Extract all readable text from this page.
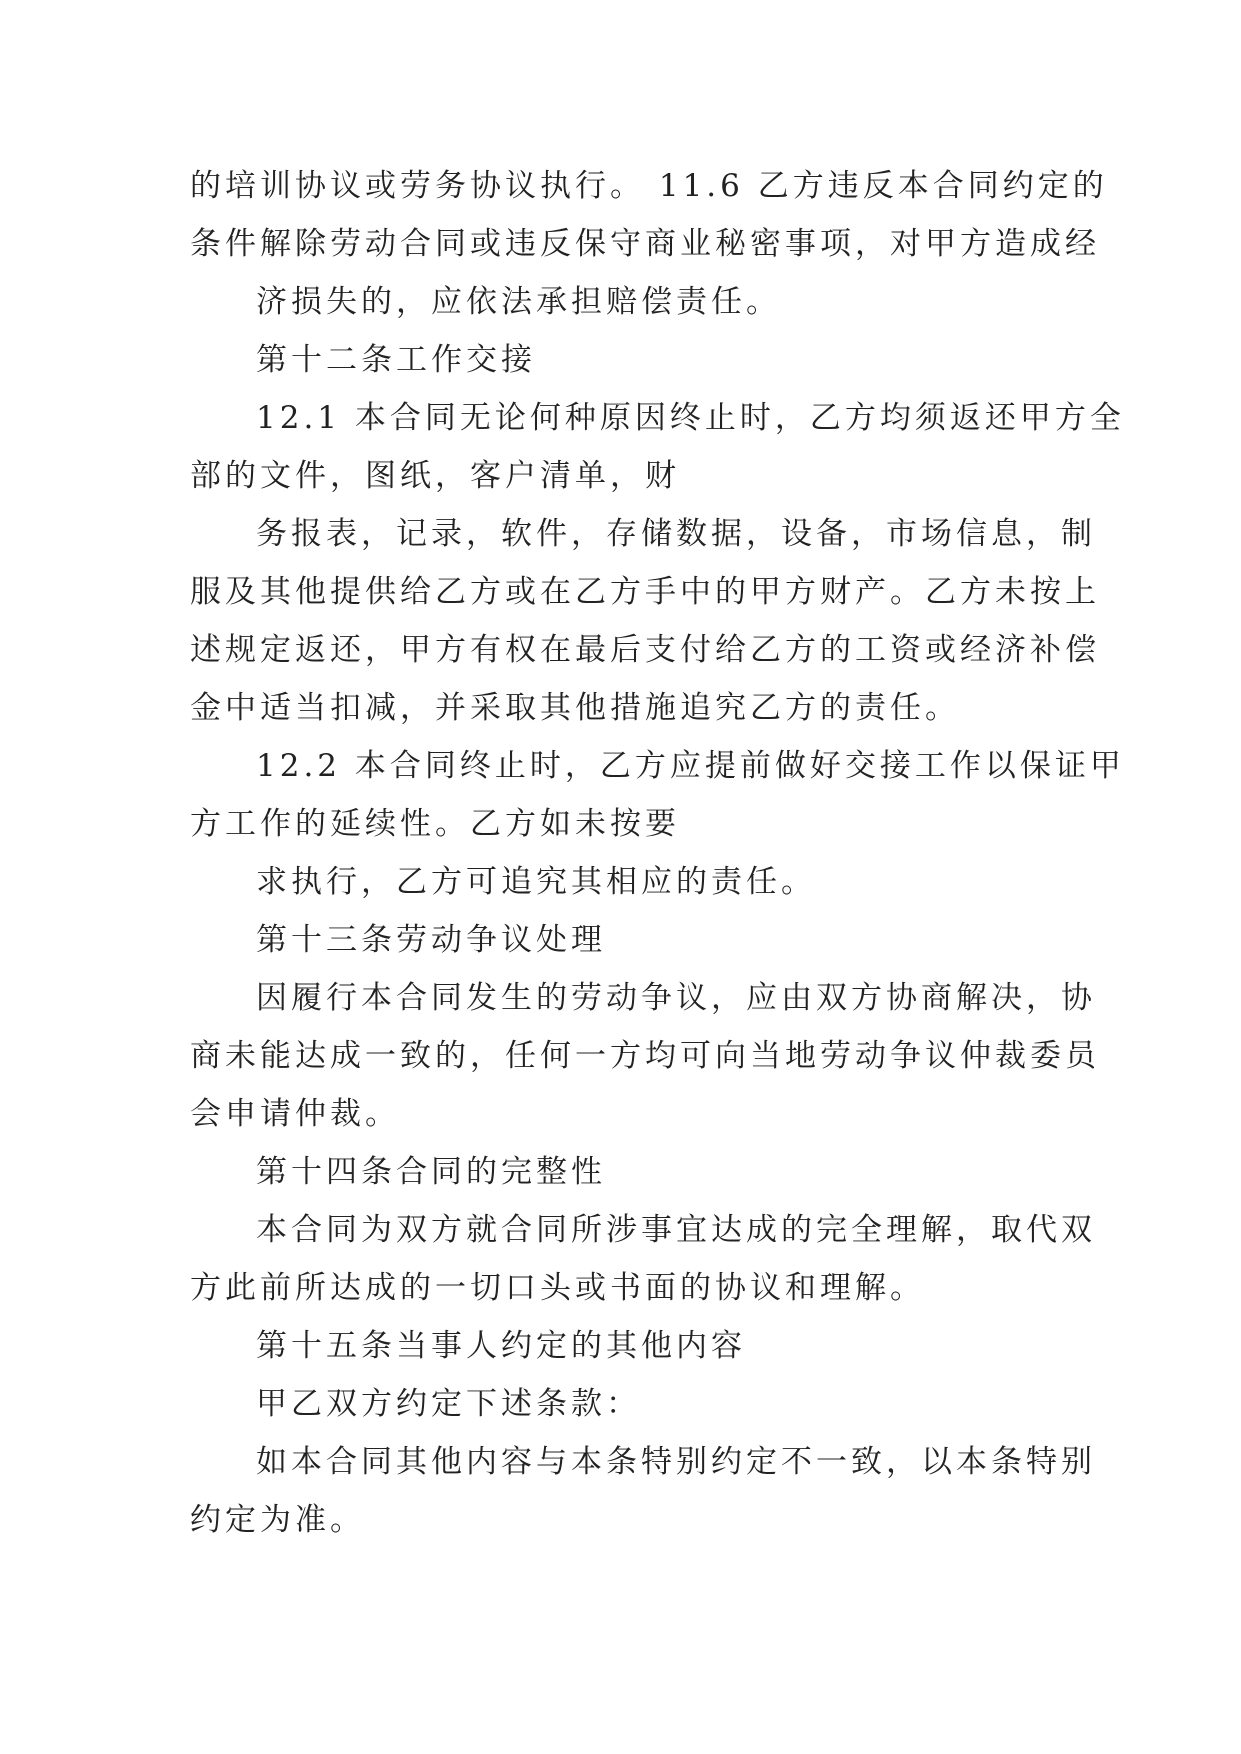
的培训协议或劳务协议执行。 11.6 乙方违反本合同约定的
条件解除劳动合同或违反保守商业秘密事项，对甲方造成经
济损失的，应依法承担赔偿责任。
第十二条工作交接
12.1 本合同无论何种原因终止时，乙方均须返还甲方全
部的文件，图纸，客户清单，财
务报表，记录，软件，存储数据，设备，市场信息，制
服及其他提供给乙方或在乙方手中的甲方财产。乙方未按上
述规定返还，甲方有权在最后支付给乙方的工资或经济补偿
金中适当扣减，并采取其他措施追究乙方的责任。
12.2 本合同终止时，乙方应提前做好交接工作以保证甲
方工作的延续性。乙方如未按要
求执行，乙方可追究其相应的责任。
第十三条劳动争议处理
因履行本合同发生的劳动争议，应由双方协商解决，协
商未能达成一致的，任何一方均可向当地劳动争议仲裁委员
会申请仲裁。
第十四条合同的完整性
本合同为双方就合同所涉事宜达成的完全理解，取代双
方此前所达成的一切口头或书面的协议和理解。
第十五条当事人约定的其他内容
甲乙双方约定下述条款：
如本合同其他内容与本条特别约定不一致，以本条特别
约定为准。
